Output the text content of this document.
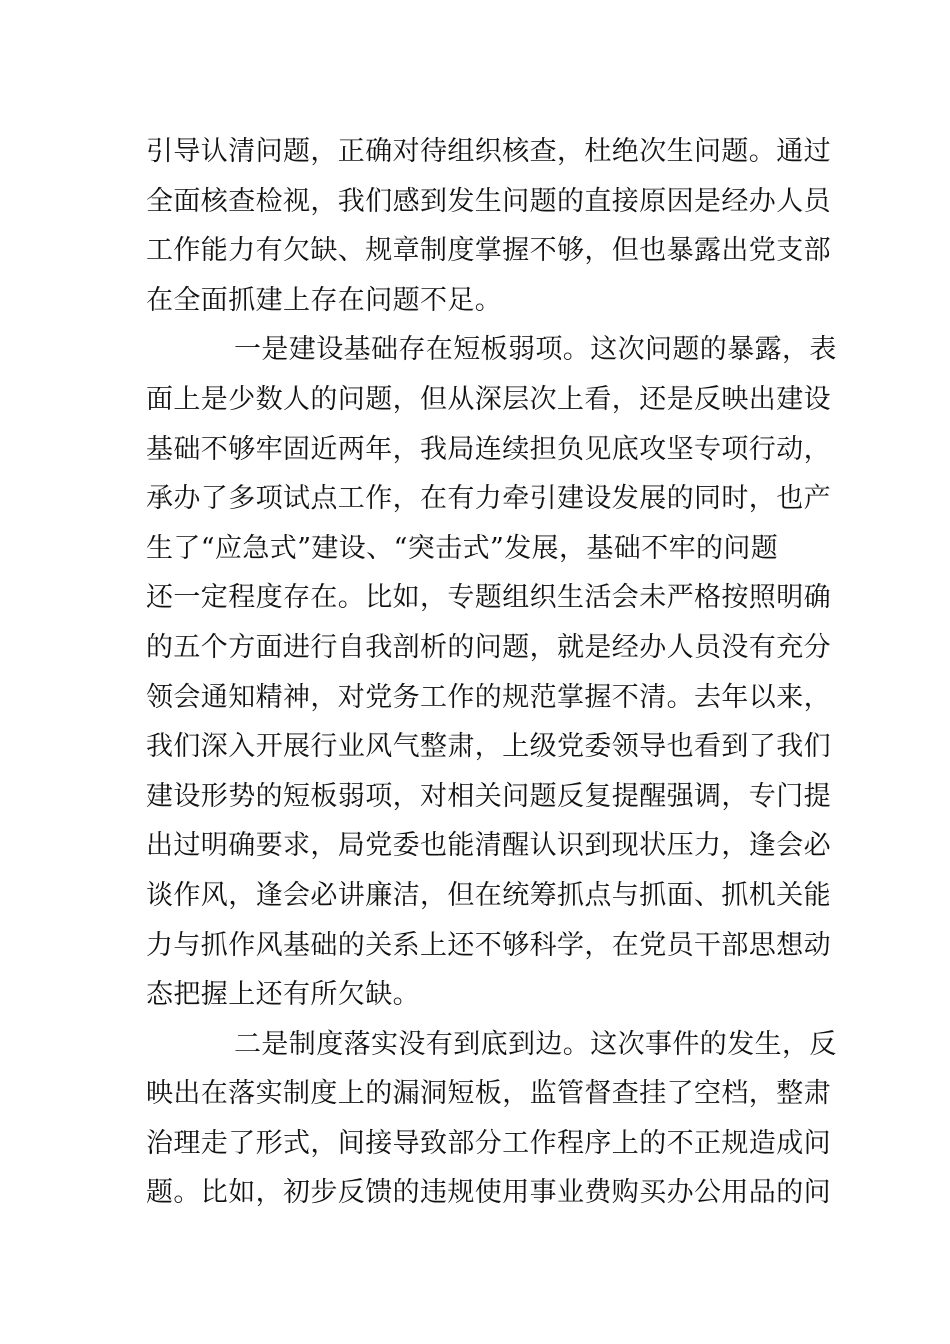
引导认清问题，正确对待组织核查，杜绝次生问题。通过
全面核查检视，我们感到发生问题的直接原因是经办人员
工作能力有欠缺、规章制度掌握不够，但也暴露出党支部
在全面抓建上存在问题不足。
一是建设基础存在短板弱项。这次问题的暴露，表
面上是少数人的问题，但从深层次上看，还是反映出建设
基础不够牢固近两年，我局连续担负见底攻坚专项行动，
承办了多项试点工作，在有力牵引建设发展的同时，也产
生了“应急式”建设、“突击式”发展，基础不牢的问题
还一定程度存在。比如，专题组织生活会未严格按照明确
的五个方面进行自我剖析的问题，就是经办人员没有充分
领会通知精神，对党务工作的规范掌握不清。去年以来，
我们深入开展行业风气整肃，上级党委领导也看到了我们
建设形势的短板弱项，对相关问题反复提醒强调，专门提
出过明确要求，局党委也能清醒认识到现状压力，逢会必
谈作风，逢会必讲廉洁，但在统筹抓点与抓面、抓机关能
力与抓作风基础的关系上还不够科学，在党员干部思想动
态把握上还有所欠缺。
二是制度落实没有到底到边。这次事件的发生，反
映出在落实制度上的漏洞短板，监管督查挂了空档，整肃
治理走了形式，间接导致部分工作程序上的不正规造成问
题。比如，初步反馈的违规使用事业费购买办公用品的问
